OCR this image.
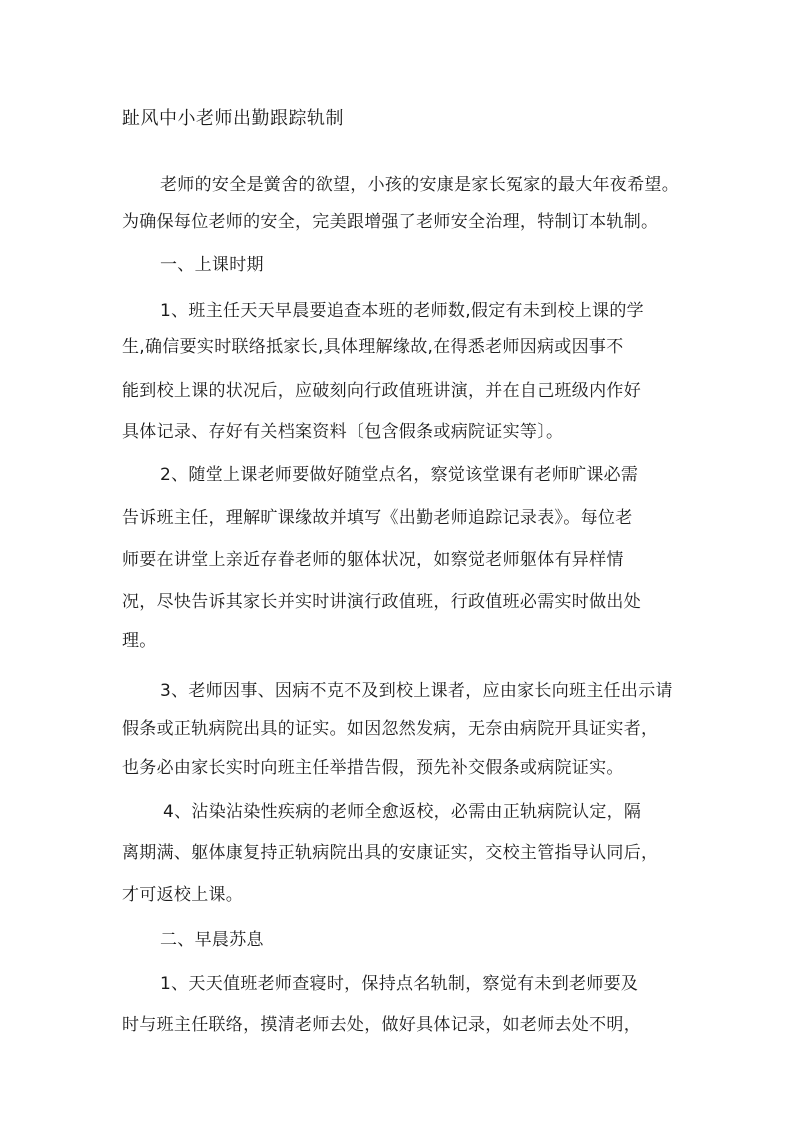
趾风中小老师出勤跟踪轨制

老师的安全是黉舍的欲望，小孩的安康是家长冤家的最大年夜希望。

为确保每位老师的安全，完美跟增强了老师安全治理，特制订本轨制。

一、上课时期

1、班主任天天早晨要追查本班的老师数,假定有未到校上课的学

生,确信要实时联络抵家长,具体理解缘故,在得悉老师因病或因事不

能到校上课的状况后，应破刻向行政值班讲演，并在自己班级内作好

具体记录、存好有关档案资料〔包含假条或病院证实等〕。

2、随堂上课老师要做好随堂点名，察觉该堂课有老师旷课必需

告诉班主任，理解旷课缘故并填写《出勤老师追踪记录表》。每位老

师要在讲堂上亲近存眷老师的躯体状况，如察觉老师躯体有异样情

况，尽快告诉其家长并实时讲演行政值班，行政值班必需实时做出处

理。

3、老师因事、因病不克不及到校上课者，应由家长向班主任出示请

假条或正轨病院出具的证实。如因忽然发病，无奈由病院开具证实者，

也务必由家长实时向班主任举措告假，预先补交假条或病院证实。

4、沾染沾染性疾病的老师全愈返校，必需由正轨病院认定，隔

离期满、躯体康复持正轨病院出具的安康证实，交校主管指导认同后，

才可返校上课。

二、早晨苏息

1、天天值班老师查寝时，保持点名轨制，察觉有未到老师要及

时与班主任联络，摸清老师去处，做好具体记录，如老师去处不明，
